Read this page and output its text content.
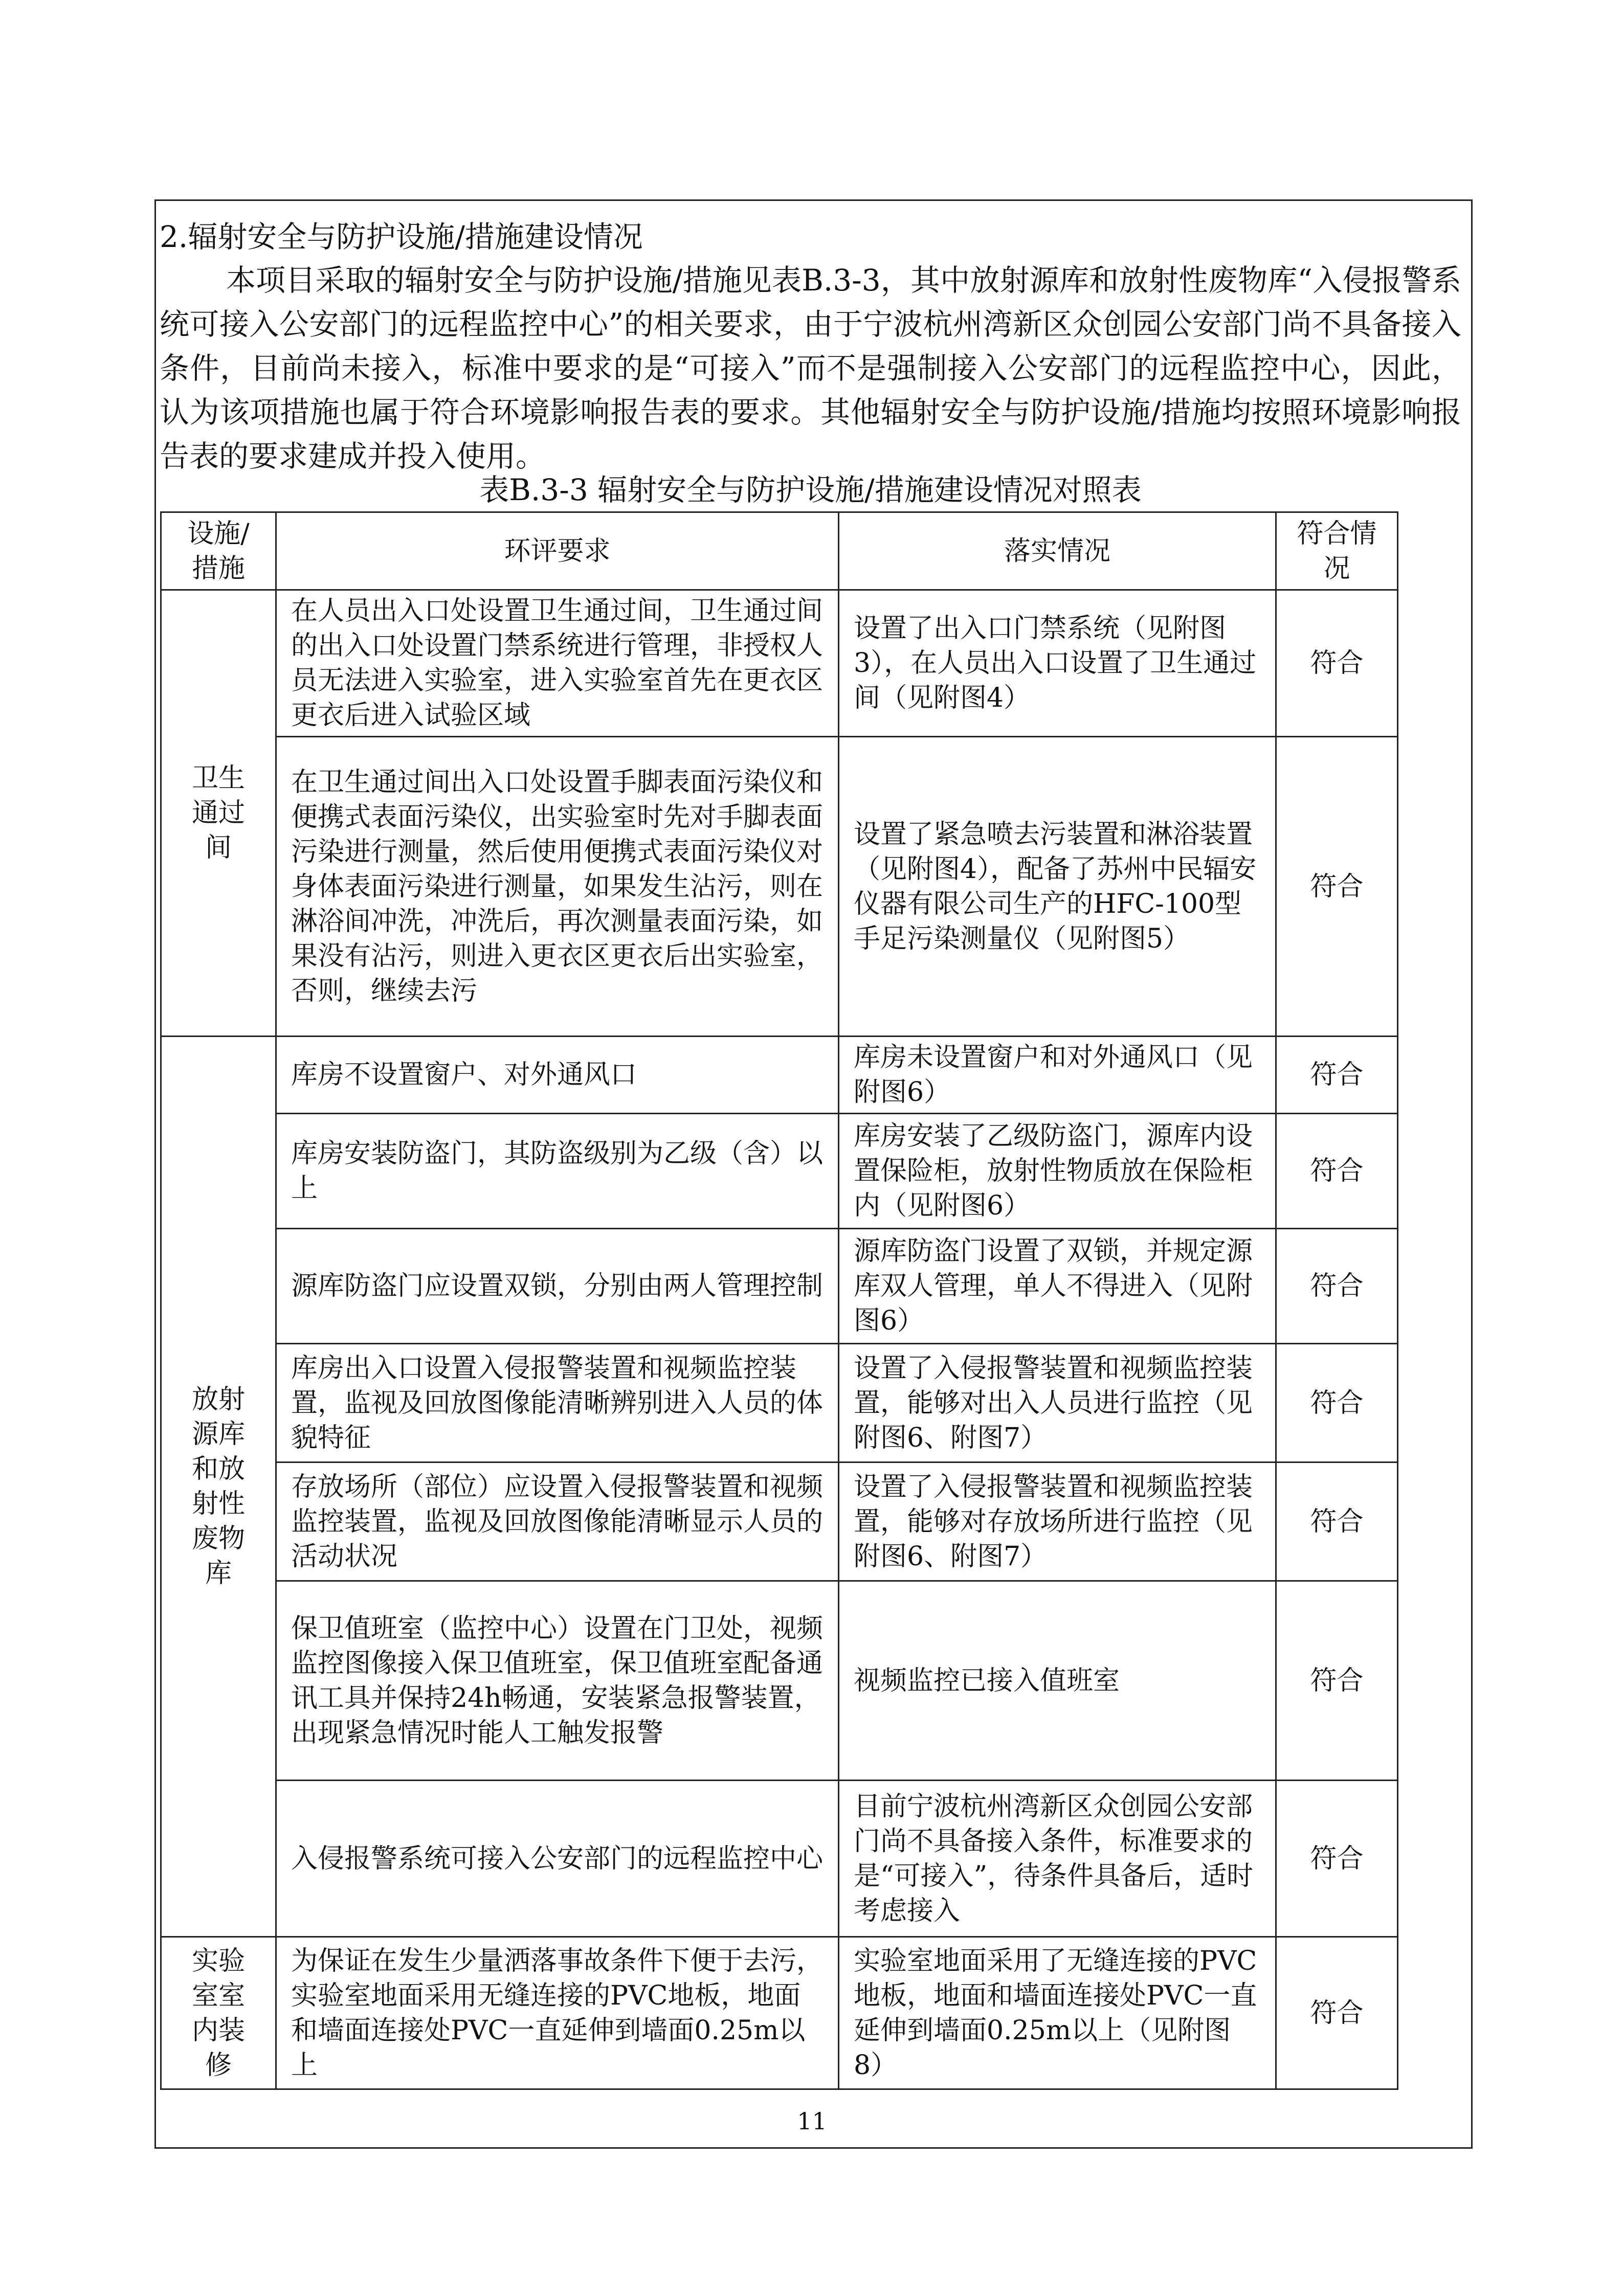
2.辐射安全与防护设施/措施建设情况
本项目采取的辐射安全与防护设施/措施见表B.3-3，其中放射源库和放射性废物库“入侵报警系统可接入公安部门的远程监控中心”的相关要求，由于宁波杭州湾新区众创园公安部门尚不具备接入条件，目前尚未接入，标准中要求的是“可接入”而不是强制接入公安部门的远程监控中心，因此，认为该项措施也属于符合环境影响报告表的要求。其他辐射安全与防护设施/措施均按照环境影响报告表的要求建成并投入使用。
表B.3-3 辐射安全与防护设施/措施建设情况对照表
设施/措施	环评要求	落实情况	符合情况
卫生通过间	在人员出入口处设置卫生通过间，卫生通过间的出入口处设置门禁系统进行管理，非授权人员无法进入实验室，进入实验室首先在更衣区更衣后进入试验区域	设置了出入口门禁系统（见附图3），在人员出入口设置了卫生通过间（见附图4）	符合
	在卫生通过间出入口处设置手脚表面污染仪和便携式表面污染仪，出实验室时先对手脚表面污染进行测量，然后使用便携式表面污染仪对身体表面污染进行测量，如果发生沾污，则在淋浴间冲洗，冲洗后，再次测量表面污染，如果没有沾污，则进入更衣区更衣后出实验室，否则，继续去污	设置了紧急喷去污装置和淋浴装置（见附图4），配备了苏州中民辐安仪器有限公司生产的HFC-100型手足污染测量仪（见附图5）	符合
放射源库和放射性废物库	库房不设置窗户、对外通风口	库房未设置窗户和对外通风口（见附图6）	符合
	库房安装防盗门，其防盗级别为乙级（含）以上	库房安装了乙级防盗门，源库内设置保险柜，放射性物质放在保险柜内（见附图6）	符合
	源库防盗门应设置双锁，分别由两人管理控制	源库防盗门设置了双锁，并规定源库双人管理，单人不得进入（见附图6）	符合
	库房出入口设置入侵报警装置和视频监控装置，监视及回放图像能清晰辨别进入人员的体貌特征	设置了入侵报警装置和视频监控装置，能够对出入人员进行监控（见附图6、附图7）	符合
	存放场所（部位）应设置入侵报警装置和视频监控装置，监视及回放图像能清晰显示人员的活动状况	设置了入侵报警装置和视频监控装置，能够对存放场所进行监控（见附图6、附图7）	符合
	保卫值班室（监控中心）设置在门卫处，视频监控图像接入保卫值班室，保卫值班室配备通讯工具并保持24h畅通，安装紧急报警装置，出现紧急情况时能人工触发报警	视频监控已接入值班室	符合
	入侵报警系统可接入公安部门的远程监控中心	目前宁波杭州湾新区众创园公安部门尚不具备接入条件，标准要求的是“可接入”，待条件具备后，适时考虑接入	符合
实验室室内装修	为保证在发生少量洒落事故条件下便于去污，实验室地面采用无缝连接的PVC地板，地面和墙面连接处PVC一直延伸到墙面0.25m以上	实验室地面采用了无缝连接的PVC地板，地面和墙面连接处PVC一直延伸到墙面0.25m以上（见附图8）	符合
11
